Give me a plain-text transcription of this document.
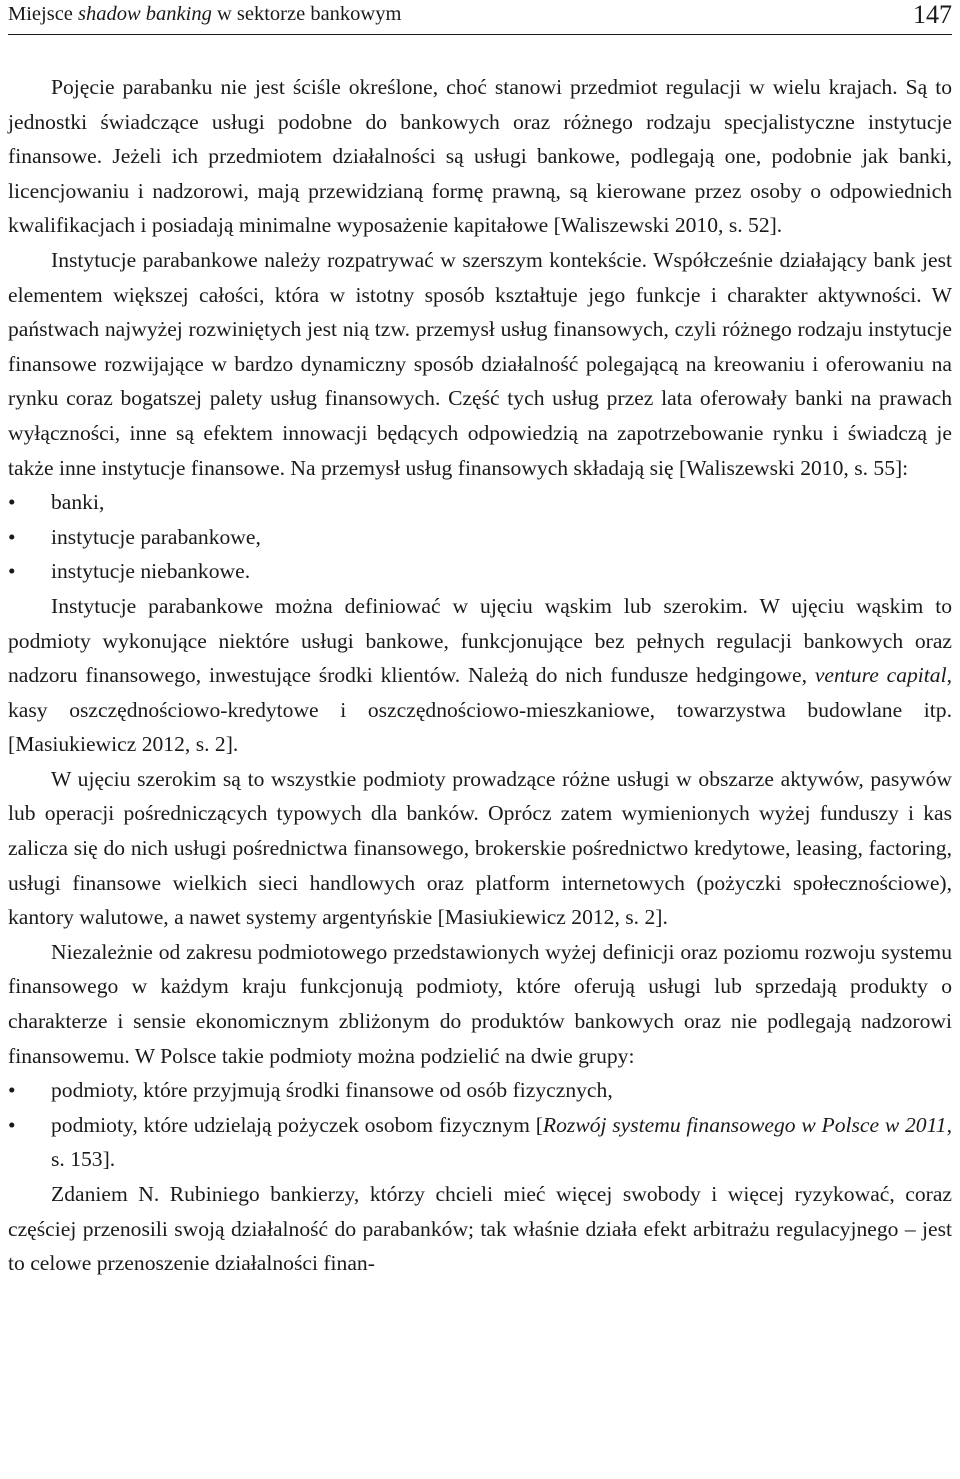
Miejsce shadow banking w sektorze bankowym	147

Pojęcie parabanku nie jest ściśle określone, choć stanowi przedmiot regulacji w wielu krajach. Są to jednostki świadczące usługi podobne do bankowych oraz różnego rodzaju specjalistyczne instytucje finansowe. Jeżeli ich przedmiotem działalności są usługi bankowe, podlegają one, podobnie jak banki, licencjowaniu i nadzorowi, mają przewidzianą formę prawną, są kierowane przez osoby o odpowiednich kwalifikacjach i posiadają minimalne wyposażenie kapitałowe [Waliszewski 2010, s. 52].

Instytucje parabankowe należy rozpatrywać w szerszym kontekście. Współcześnie działający bank jest elementem większej całości, która w istotny sposób kształtuje jego funkcje i charakter aktywności. W państwach najwyżej rozwiniętych jest nią tzw. przemysł usług finansowych, czyli różnego rodzaju instytucje finansowe rozwijające w bardzo dynamiczny sposób działalność polegającą na kreowaniu i oferowaniu na rynku coraz bogatszej palety usług finansowych. Część tych usług przez lata oferowały banki na prawach wyłączności, inne są efektem innowacji będących odpowiedzią na zapotrzebowanie rynku i świadczą je także inne instytucje finansowe. Na przemysł usług finansowych składają się [Waliszewski 2010, s. 55]:

• banki,
• instytucje parabankowe,
• instytucje niebankowe.

Instytucje parabankowe można definiować w ujęciu wąskim lub szerokim. W ujęciu wąskim to podmioty wykonujące niektóre usługi bankowe, funkcjonujące bez pełnych regulacji bankowych oraz nadzoru finansowego, inwestujące środki klientów. Należą do nich fundusze hedgingowe, venture capital, kasy oszczędnościowo-kredytowe i oszczędnościowo-mieszkaniowe, towarzystwa budowlane itp. [Masiukiewicz 2012, s. 2].

W ujęciu szerokim są to wszystkie podmioty prowadzące różne usługi w obszarze aktywów, pasywów lub operacji pośredniczących typowych dla banków. Oprócz zatem wymienionych wyżej funduszy i kas zalicza się do nich usługi pośrednictwa finansowego, brokerskie pośrednictwo kredytowe, leasing, factoring, usługi finansowe wielkich sieci handlowych oraz platform internetowych (pożyczki społecznościowe), kantory walutowe, a nawet systemy argentyńskie [Masiukiewicz 2012, s. 2].

Niezależnie od zakresu podmiotowego przedstawionych wyżej definicji oraz poziomu rozwoju systemu finansowego w każdym kraju funkcjonują podmioty, które oferują usługi lub sprzedają produkty o charakterze i sensie ekonomicznym zbliżonym do produktów bankowych oraz nie podlegają nadzorowi finansowemu. W Polsce takie podmioty można podzielić na dwie grupy:

• podmioty, które przyjmują środki finansowe od osób fizycznych,
• podmioty, które udzielają pożyczek osobom fizycznym [Rozwój systemu finansowego w Polsce w 2011, s. 153].

Zdaniem N. Rubiniego bankierzy, którzy chcieli mieć więcej swobody i więcej ryzykować, coraz częściej przenosili swoją działalność do parabanków; tak właśnie działa efekt arbitrażu regulacyjnego – jest to celowe przenoszenie działalności finan-
